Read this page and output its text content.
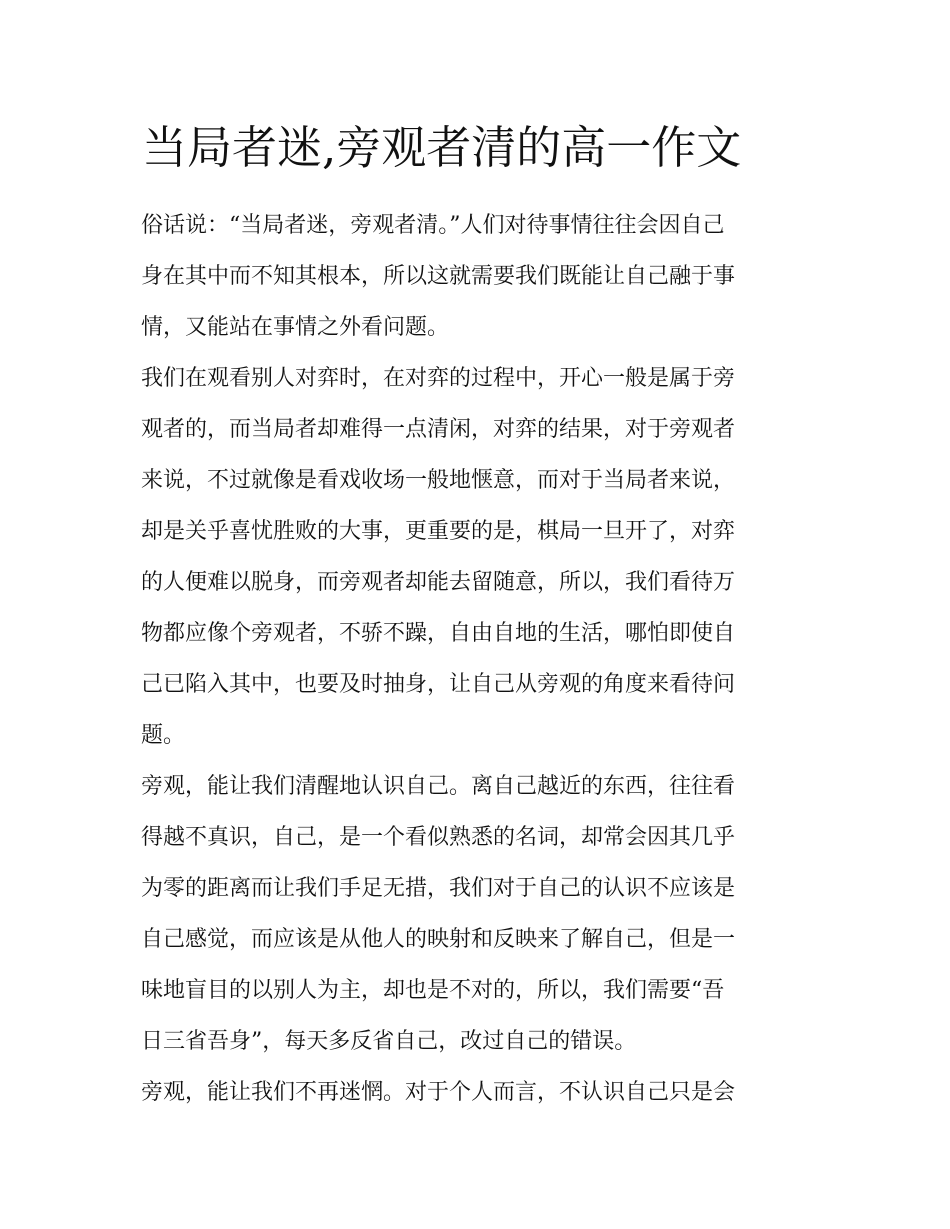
当局者迷,旁观者清的高一作文
俗话说：“当局者迷，旁观者清。”人们对待事情往往会因自己
身在其中而不知其根本，所以这就需要我们既能让自己融于事
情，又能站在事情之外看问题。
我们在观看别人对弈时，在对弈的过程中，开心一般是属于旁
观者的，而当局者却难得一点清闲，对弈的结果，对于旁观者
来说，不过就像是看戏收场一般地惬意，而对于当局者来说，
却是关乎喜忧胜败的大事，更重要的是，棋局一旦开了，对弈
的人便难以脱身，而旁观者却能去留随意，所以，我们看待万
物都应像个旁观者，不骄不躁，自由自地的生活，哪怕即使自
己已陷入其中，也要及时抽身，让自己从旁观的角度来看待问
题。
旁观，能让我们清醒地认识自己。离自己越近的东西，往往看
得越不真识，自己，是一个看似熟悉的名词，却常会因其几乎
为零的距离而让我们手足无措，我们对于自己的认识不应该是
自己感觉，而应该是从他人的映射和反映来了解自己，但是一
味地盲目的以别人为主，却也是不对的，所以，我们需要“吾
日三省吾身”，每天多反省自己，改过自己的错误。
旁观，能让我们不再迷惘。对于个人而言，不认识自己只是会
